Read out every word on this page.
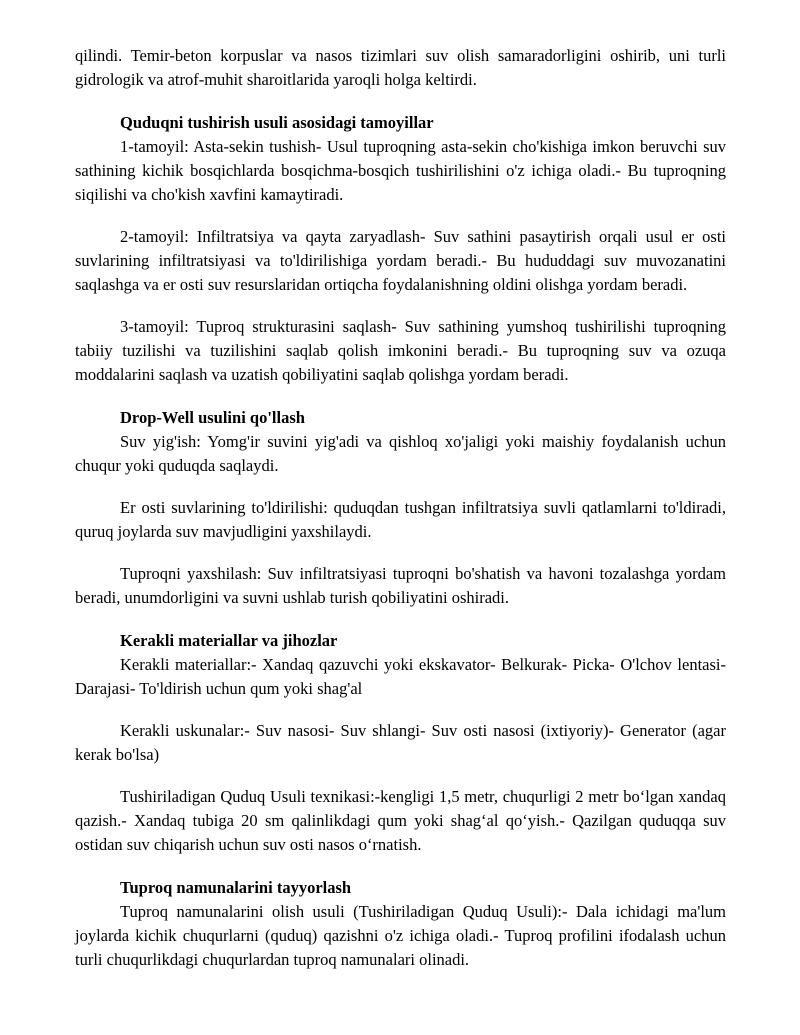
qilindi. Temir-beton korpuslar va nasos tizimlari suv olish samaradorligini oshirib, uni turli gidrologik va atrof-muhit sharoitlarida yaroqli holga keltirdi.

Quduqni tushirish usuli asosidagi tamoyillar

1-tamoyil: Asta-sekin tushish- Usul tuproqning asta-sekin cho'kishiga imkon beruvchi suv sathining kichik bosqichlarda bosqichma-bosqich tushirilishini o'z ichiga oladi.- Bu tuproqning siqilishi va cho'kish xavfini kamaytiradi.

2-tamoyil: Infiltratsiya va qayta zaryadlash- Suv sathini pasaytirish orqali usul er osti suvlarining infiltratsiyasi va to'ldirilishiga yordam beradi.- Bu hududdagi suv muvozanatini saqlashga va er osti suv resurslaridan ortiqcha foydalanishning oldini olishga yordam beradi.

3-tamoyil: Tuproq strukturasini saqlash- Suv sathining yumshoq tushirilishi tuproqning tabiiy tuzilishi va tuzilishini saqlab qolish imkonini beradi.- Bu tuproqning suv va ozuqa moddalarini saqlash va uzatish qobiliyatini saqlab qolishga yordam beradi.

Drop-Well usulini qo'llash

Suv yig'ish: Yomg'ir suvini yig'adi va qishloq xo'jaligi yoki maishiy foydalanish uchun chuqur yoki quduqda saqlaydi.

Er osti suvlarining to'ldirilishi: quduqdan tushgan infiltratsiya suvli qatlamlarni to'ldiradi, quruq joylarda suv mavjudligini yaxshilaydi.

Tuproqni yaxshilash: Suv infiltratsiyasi tuproqni bo'shatish va havoni tozalashga yordam beradi, unumdorligini va suvni ushlab turish qobiliyatini oshiradi.

Kerakli materiallar va jihozlar

Kerakli materiallar:- Xandaq qazuvchi yoki ekskavator- Belkurak- Picka- O'lchov lentasi- Darajasi- To'ldirish uchun qum yoki shag'al

Kerakli uskunalar:- Suv nasosi- Suv shlangi- Suv osti nasosi (ixtiyoriy)- Generator (agar kerak bo'lsa)

Tushiriladigan Quduq Usuli texnikasi:-kengligi 1,5 metr, chuqurligi 2 metr bo‘lgan xandaq qazish.- Xandaq tubiga 20 sm qalinlikdagi qum yoki shag‘al qo‘yish.- Qazilgan quduqqa suv ostidan suv chiqarish uchun suv osti nasos o‘rnatish.

Tuproq namunalarini tayyorlash

Tuproq namunalarini olish usuli (Tushiriladigan Quduq Usuli):- Dala ichidagi ma'lum joylarda kichik chuqurlarni (quduq) qazishni o'z ichiga oladi.- Tuproq profilini ifodalash uchun turli chuqurlikdagi chuqurlardan tuproq namunalari olinadi.
